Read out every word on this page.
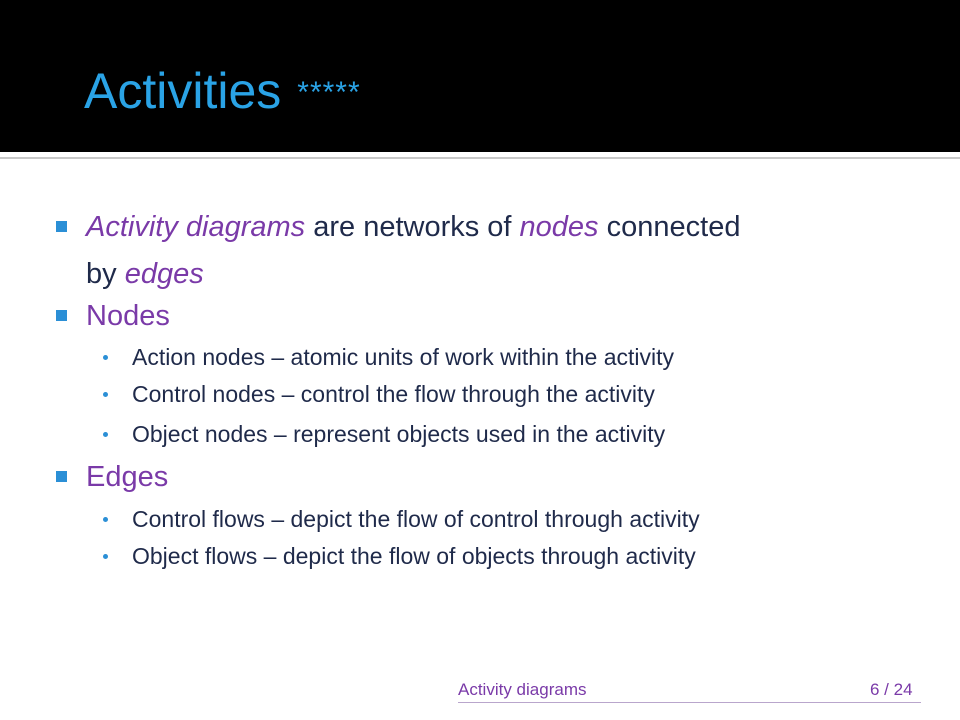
Activities *****
Activity diagrams are networks of nodes connected
by edges
Nodes
Action nodes – atomic units of work within the activity
Control nodes – control the flow through the activity
Object nodes – represent objects used in the activity
Edges
Control flows – depict the flow of control through activity
Object flows – depict the flow of objects through activity
Activity diagrams	6 / 24
